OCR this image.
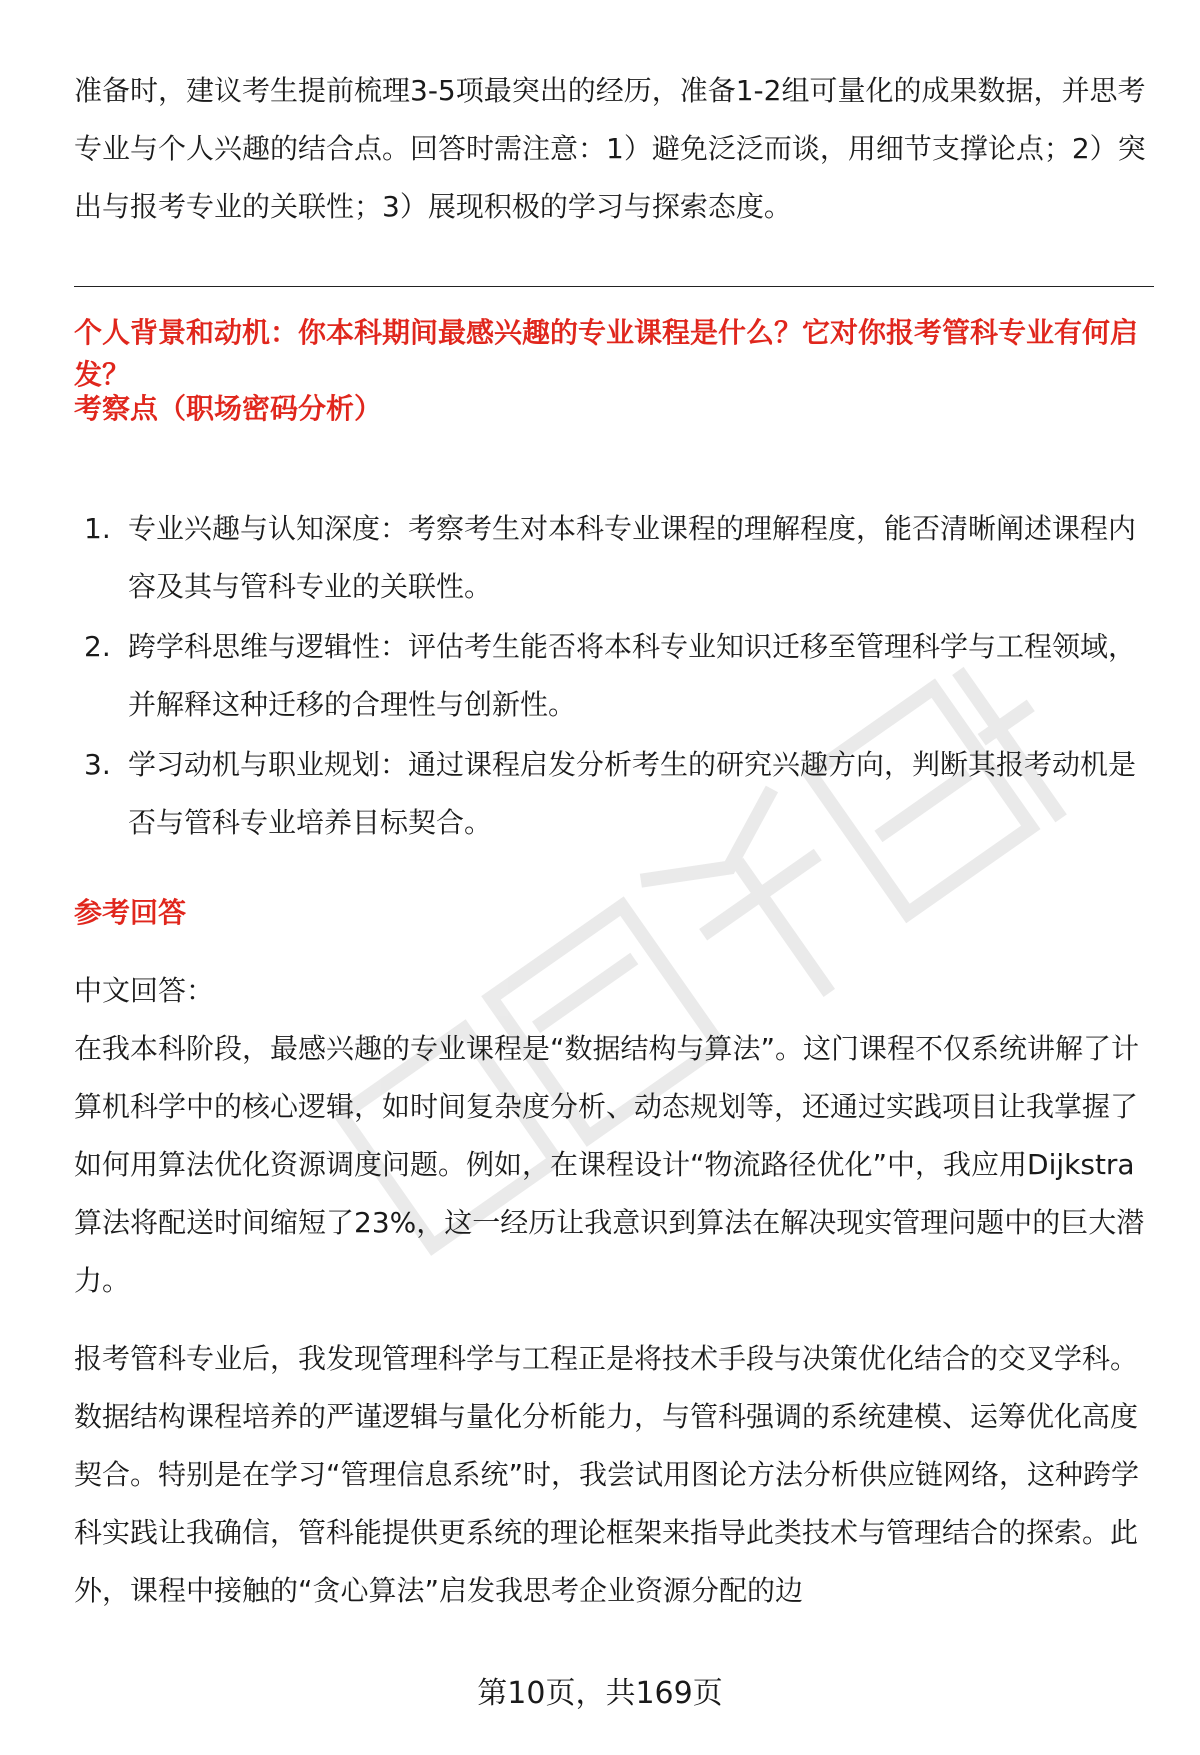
准备时，建议考生提前梳理3-5项最突出的经历，准备1-2组可量化的成果数据，并思考专业与个人兴趣的结合点。回答时需注意：1）避免泛泛而谈，用细节支撑论点；2）突出与报考专业的关联性；3）展现积极的学习与探索态度。

个人背景和动机：你本科期间最感兴趣的专业课程是什么？它对你报考管科专业有何启发？
考察点（职场密码分析）
1. 专业兴趣与认知深度：考察考生对本科专业课程的理解程度，能否清晰阐述课程内容及其与管科专业的关联性。
2. 跨学科思维与逻辑性：评估考生能否将本科专业知识迁移至管理科学与工程领域，并解释这种迁移的合理性与创新性。
3. 学习动机与职业规划：通过课程启发分析考生的研究兴趣方向，判断其报考动机是否与管科专业培养目标契合。
参考回答

中文回答：

在我本科阶段，最感兴趣的专业课程是“数据结构与算法”。这门课程不仅系统讲解了计算机科学中的核心逻辑，如时间复杂度分析、动态规划等，还通过实践项目让我掌握了如何用算法优化资源调度问题。例如，在课程设计“物流路径优化”中，我应用Dijkstra算法将配送时间缩短了23%，这一经历让我意识到算法在解决现实管理问题中的巨大潜力。

报考管科专业后，我发现管理科学与工程正是将技术手段与决策优化结合的交叉学科。数据结构课程培养的严谨逻辑与量化分析能力，与管科强调的系统建模、运筹优化高度契合。特别是在学习“管理信息系统”时，我尝试用图论方法分析供应链网络，这种跨学科实践让我确信，管科能提供更系统的理论框架来指导此类技术与管理结合的探索。此外，课程中接触的“贪心算法”启发我思考企业资源分配的边

第10页，共169页
